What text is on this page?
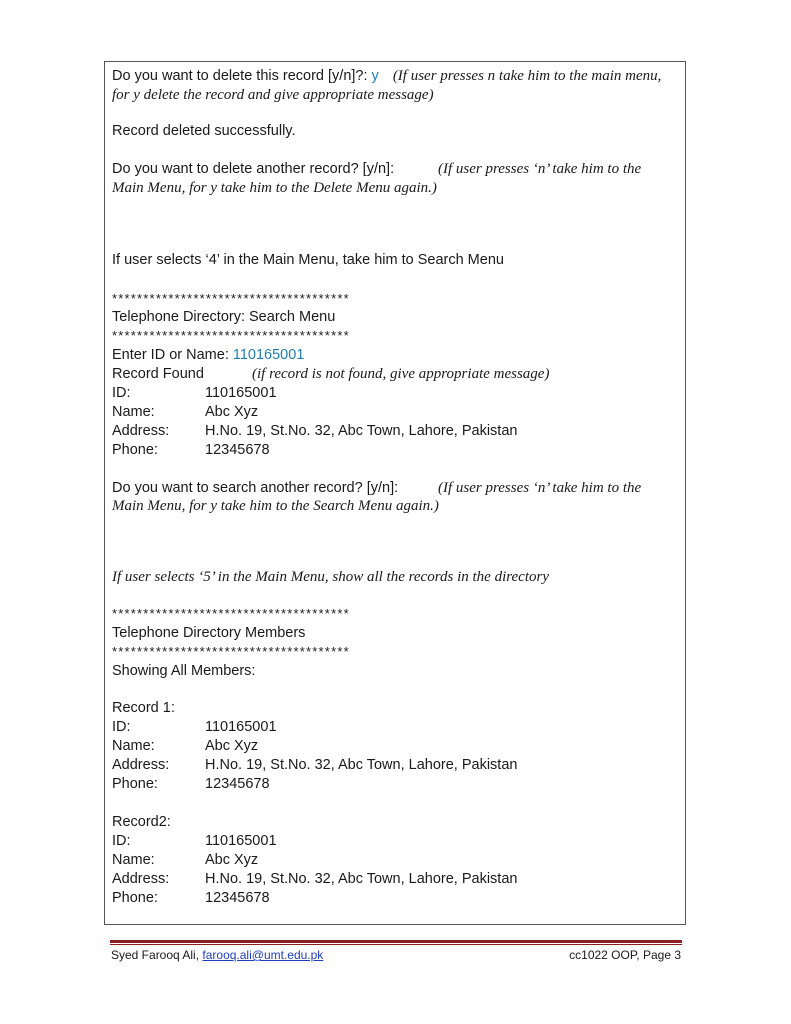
Do you want to delete this record [y/n]?: y (If user presses n take him to the main menu,
for y delete the record and give appropriate message)
Record deleted successfully.
Do you want to delete another record? [y/n]:	(If user presses ‘n’ take him to the
Main Menu, for y take him to the Delete Menu again.)
If user selects ‘4’ in the Main Menu, take him to Search Menu
**************************************
Telephone Directory: Search Menu
**************************************
Enter ID or Name: 110165001
Record Found	(if record is not found, give appropriate message)
ID:	110165001
Name:	Abc Xyz
Address: H.No. 19, St.No. 32, Abc Town, Lahore, Pakistan
Phone:	12345678
Do you want to search another record? [y/n]:	(If user presses ‘n’ take him to the
Main Menu, for y take him to the Search Menu again.)
If user selects ‘5’ in the Main Menu, show all the records in the directory
**************************************
Telephone Directory Members
**************************************
Showing All Members:
Record 1:
ID:	110165001
Name:	Abc Xyz
Address: H.No. 19, St.No. 32, Abc Town, Lahore, Pakistan
Phone:	12345678
Record2:
ID:	110165001
Name:	Abc Xyz
Address: H.No. 19, St.No. 32, Abc Town, Lahore, Pakistan
Phone:	12345678
Syed Farooq Ali, farooq.ali@umt.edu.pk	cc1022 OOP, Page 3
